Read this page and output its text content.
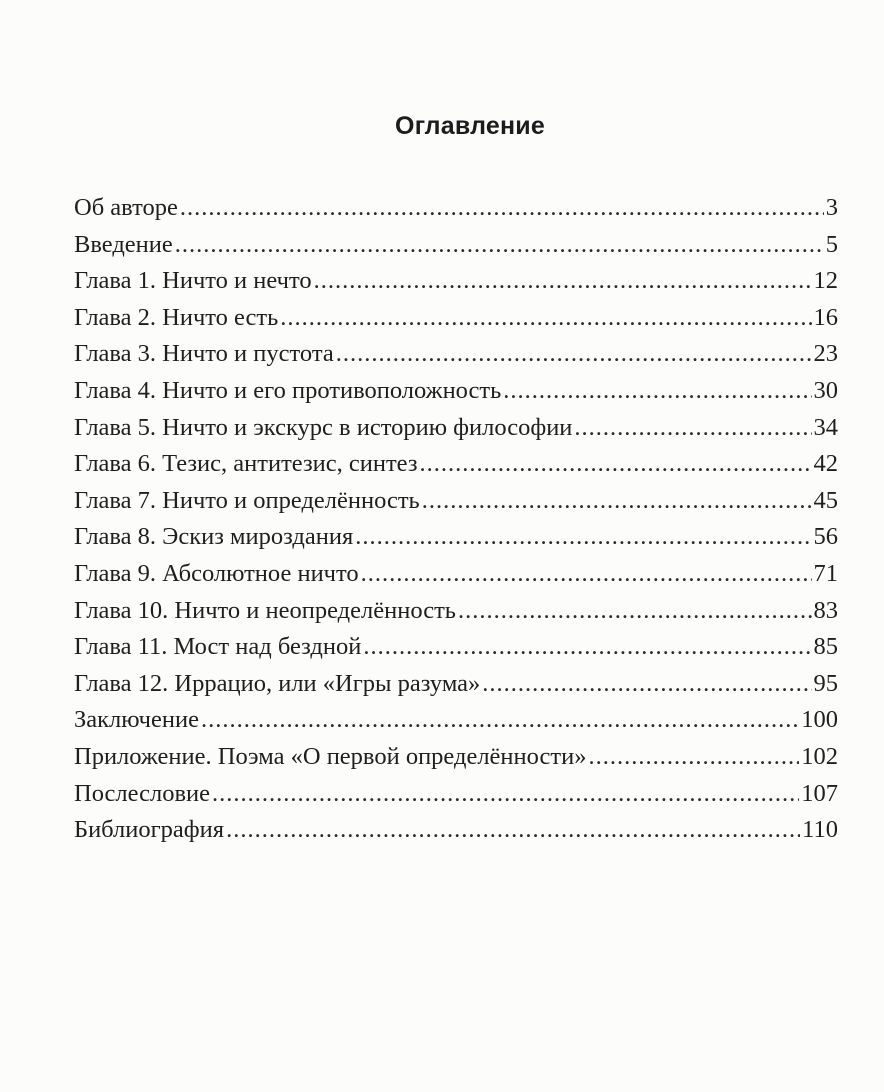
Оглавление
Об авторе .....	3
Введение .....	5
Глава 1. Ничто и нечто .....	12
Глава 2. Ничто есть .....	16
Глава 3. Ничто и пустота .....	23
Глава 4. Ничто и его противоположность .....	30
Глава 5. Ничто и экскурс в историю философии .....	34
Глава 6. Тезис, антитезис, синтез .....	42
Глава 7. Ничто и определённость .....	45
Глава 8. Эскиз мироздания .....	56
Глава 9. Абсолютное ничто .....	71
Глава 10. Ничто и неопределённость .....	83
Глава 11. Мост над бездной .....	85
Глава 12. Иррацио, или «Игры разума» .....	95
Заключение .....	100
Приложение. Поэма «О первой определённости» .....	102
Послесловие .....	107
Библиография .....	110
